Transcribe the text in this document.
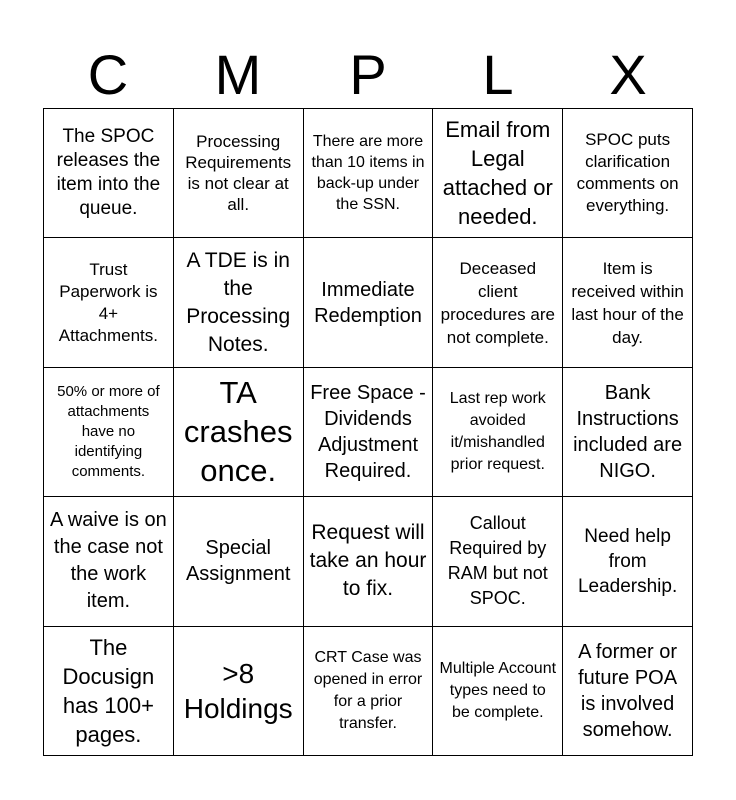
C	M	P	L	X
The SPOC releases the item into the queue.
Processing Requirements is not clear at all.
There are more than 10 items in back-up under the SSN.
Email from Legal attached or needed.
SPOC puts clarification comments on everything.
Trust Paperwork is 4+ Attachments.
A TDE is in the Processing Notes.
Immediate Redemption
Deceased client procedures are not complete.
Item is received within last hour of the day.
50% or more of attachments have no identifying comments.
TA crashes once.
Free Space - Dividends Adjustment Required.
Last rep work avoided it/mishandled prior request.
Bank Instructions included are NIGO.
A waive is on the case not the work item.
Special Assignment
Request will take an hour to fix.
Callout Required by RAM but not SPOC.
Need help from Leadership.
The Docusign has 100+ pages.
>8 Holdings
CRT Case was opened in error for a prior transfer.
Multiple Account types need to be complete.
A former or future POA is involved somehow.
